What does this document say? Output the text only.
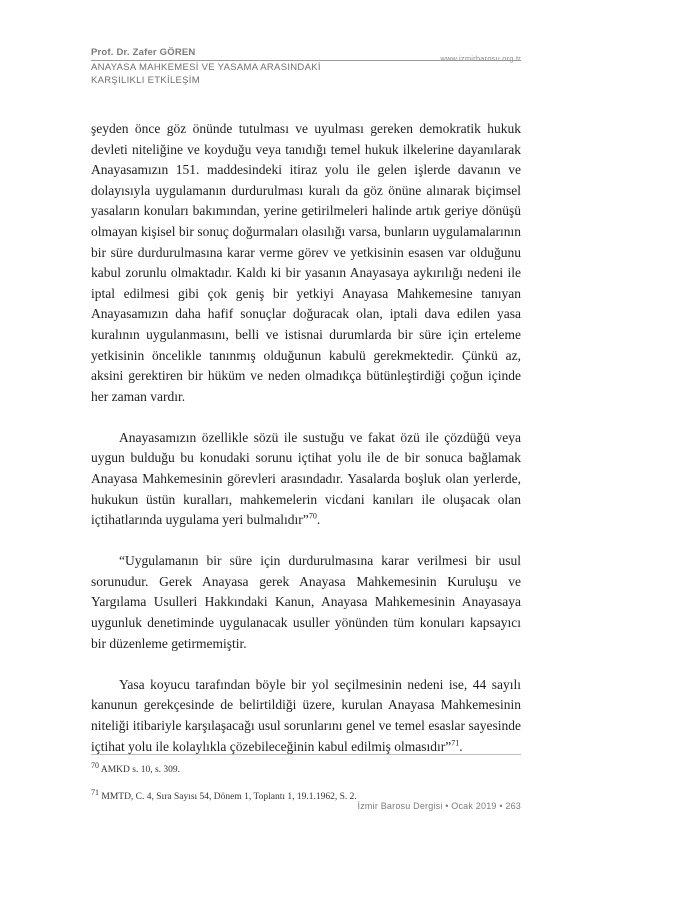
Prof. Dr. Zafer GÖREN
www.izmirbarosu.org.tr
ANAYASA MAHKEMESİ VE YASAMA ARASINDAKİ
KARŞILIKLI ETKİLEŞİM

şeyden önce göz önünde tutulması ve uyulması gereken demokratik hukuk devleti niteliğine ve koyduğu veya tanıdığı temel hukuk ilkelerine dayanılarak Anayasamızın 151. maddesindeki itiraz yolu ile gelen işlerde davanın ve dolayısıyla uygulamanın durdurulması kuralı da göz önüne alınarak biçimsel yasaların konuları bakımından, yerine getirilmeleri halinde artık geriye dönüşü olmayan kişisel bir sonuç doğurmaları olasılığı varsa, bunların uygulamalarının bir süre durdurulmasına karar verme görev ve yetkisinin esasen var olduğunu kabul zorunlu olmaktadır. Kaldı ki bir yasanın Anayasaya aykırılığı nedeni ile iptal edilmesi gibi çok geniş bir yetkiyi Anayasa Mahkemesine tanıyan Anayasamızın daha hafif sonuçlar doğuracak olan, iptali dava edilen yasa kuralının uygulanmasını, belli ve istisnai durumlarda bir süre için erteleme yetkisinin öncelikle tanınmış olduğunun kabulü gerekmektedir. Çünkü az, aksini gerektiren bir hüküm ve neden olmadıkça bütünleştirdiği çoğun içinde her zaman vardır.

Anayasamızın özellikle sözü ile sustuğu ve fakat özü ile çözdüğü veya uygun bulduğu bu konudaki sorunu içtihat yolu ile de bir sonuca bağlamak Anayasa Mahkemesinin görevleri arasındadır. Yasalarda boşluk olan yerlerde, hukukun üstün kuralları, mahkemelerin vicdani kanıları ile oluşacak olan içtihatlarında uygulama yeri bulmalıdır”$^{70}$.

“Uygulamanın bir süre için durdurulmasına karar verilmesi bir usul sorunudur. Gerek Anayasa gerek Anayasa Mahkemesinin Kuruluşu ve Yargılama Usulleri Hakkındaki Kanun, Anayasa Mahkemesinin Anayasaya uygunluk denetiminde uygulanacak usuller yönünden tüm konuları kapsayıcı bir düzenleme getirmemiştir.

Yasa koyucu tarafından böyle bir yol seçilmesinin nedeni ise, 44 sayılı kanunun gerekçesinde de belirtildiği üzere, kurulan Anayasa Mahkemesinin niteliği itibariyle karşılaşacağı usul sorunlarını genel ve temel esaslar sayesinde içtihat yolu ile kolaylıkla çözebileceğinin kabul edilmiş olmasıdır”$^{71}$.

$^{70}$ AMKD s. 10, s. 309.
$^{71}$ MMTD, C. 4, Sıra Sayısı 54, Dönem 1, Toplantı 1, 19.1.1962, S. 2.
İzmir Barosu Dergisi • Ocak 2019 • 263
